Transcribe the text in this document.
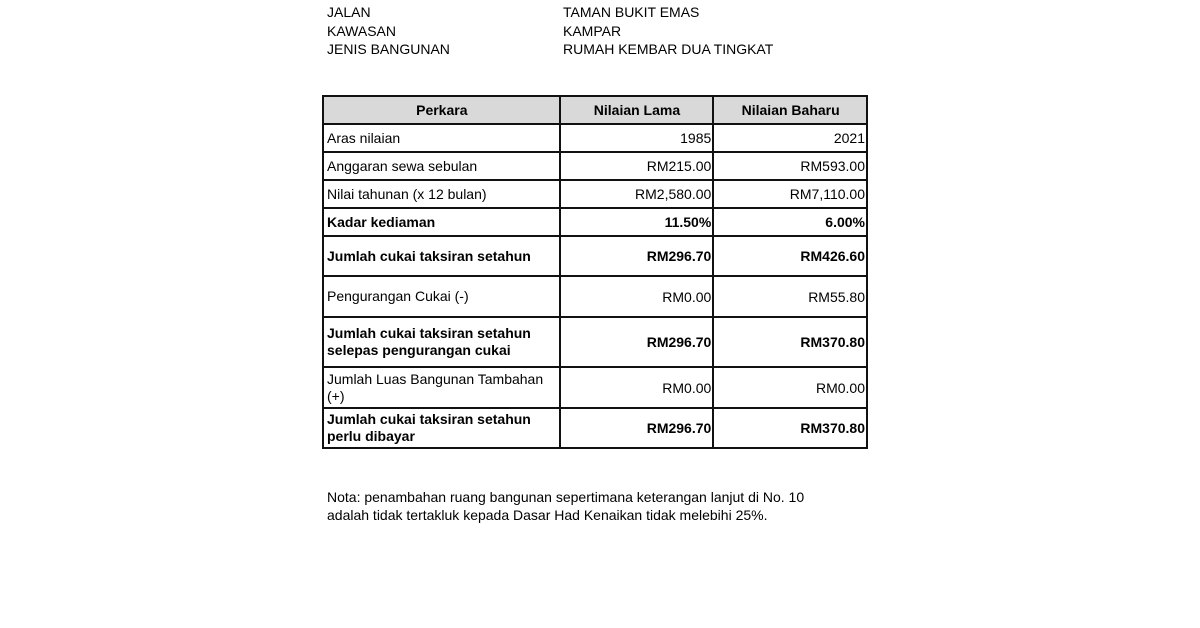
JALAN	TAMAN BUKIT EMAS
KAWASAN	KAMPAR
JENIS BANGUNAN	RUMAH KEMBAR DUA TINGKAT
Perkara	Nilaian Lama	Nilaian Baharu
Aras nilaian	1985	2021
Anggaran sewa sebulan	RM215.00	RM593.00
Nilai tahunan (x 12 bulan)	RM2,580.00	RM7,110.00
Kadar kediaman	11.50%	6.00%
Jumlah cukai taksiran setahun	RM296.70	RM426.60
Pengurangan Cukai (-)	RM0.00	RM55.80

Jumlah cukai taksiran setahun
selepas pengurangan cukai	RM296.70	RM370.80

Jumlah Luas Bangunan Tambahan
(+)	RM0.00	RM0.00

Jumlah cukai taksiran setahun
perlu dibayar	RM296.70	RM370.80
Nota: penambahan ruang bangunan sepertimana keterangan lanjut di No. 10
adalah tidak tertakluk kepada Dasar Had Kenaikan tidak melebihi 25%.
